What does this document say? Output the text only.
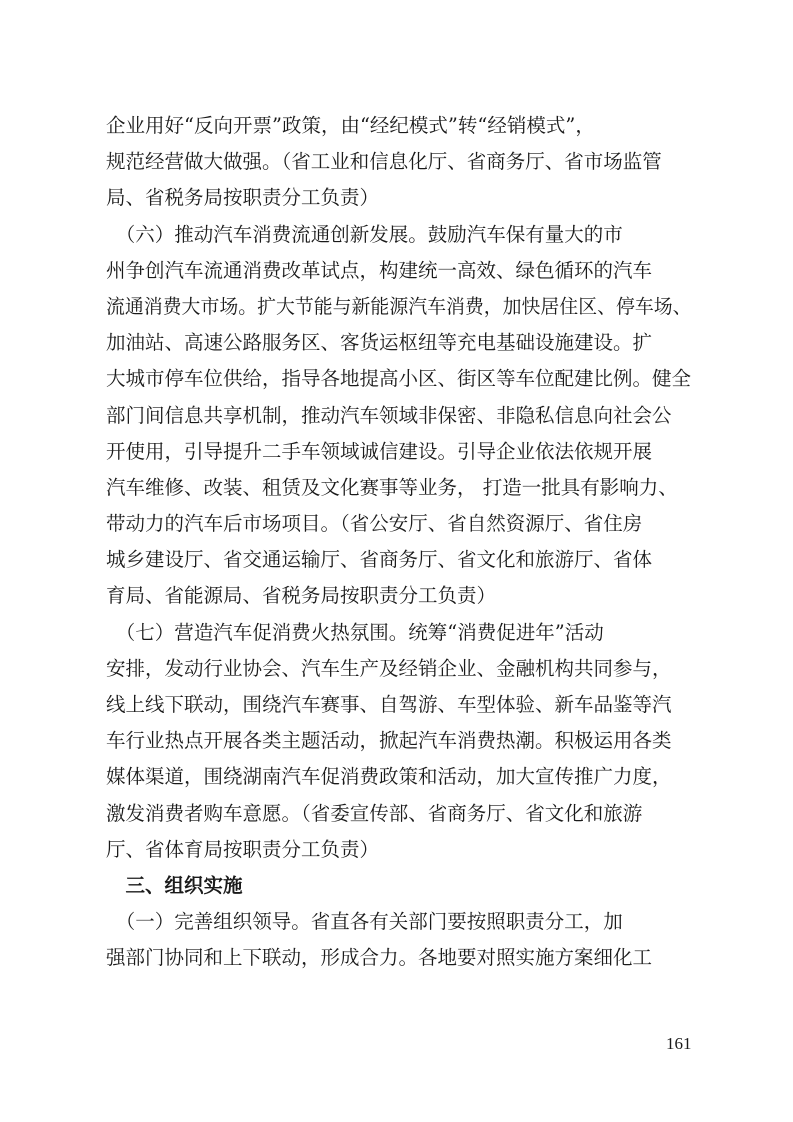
企业用好“反向开票”政策，由“经纪模式”转“经销模式”，
规范经营做大做强。（省工业和信息化厅、省商务厅、省市场监管
局、省税务局按职责分工负责）
　（六）推动汽车消费流通创新发展。鼓励汽车保有量大的市
州争创汽车流通消费改革试点，构建统一高效、绿色循环的汽车
流通消费大市场。扩大节能与新能源汽车消费，加快居住区、停车场、
加油站、高速公路服务区、客货运枢纽等充电基础设施建设。扩
大城市停车位供给，指导各地提高小区、街区等车位配建比例。健全
部门间信息共享机制，推动汽车领域非保密、非隐私信息向社会公
开使用，引导提升二手车领域诚信建设。引导企业依法依规开展
汽车维修、改装、租赁及文化赛事等业务， 打造一批具有影响力、
带动力的汽车后市场项目。（省公安厅、省自然资源厅、省住房
城乡建设厅、省交通运输厅、省商务厅、省文化和旅游厅、省体
育局、省能源局、省税务局按职责分工负责）
　（七）营造汽车促消费火热氛围。统筹“消费促进年”活动
安排，发动行业协会、汽车生产及经销企业、金融机构共同参与，
线上线下联动，围绕汽车赛事、自驾游、车型体验、新车品鉴等汽
车行业热点开展各类主题活动，掀起汽车消费热潮。积极运用各类
媒体渠道，围绕湖南汽车促消费政策和活动，加大宣传推广力度，
激发消费者购车意愿。（省委宣传部、省商务厅、省文化和旅游
厅、省体育局按职责分工负责）
　三、组织实施
　（一）完善组织领导。省直各有关部门要按照职责分工，加
强部门协同和上下联动，形成合力。各地要对照实施方案细化工
161
